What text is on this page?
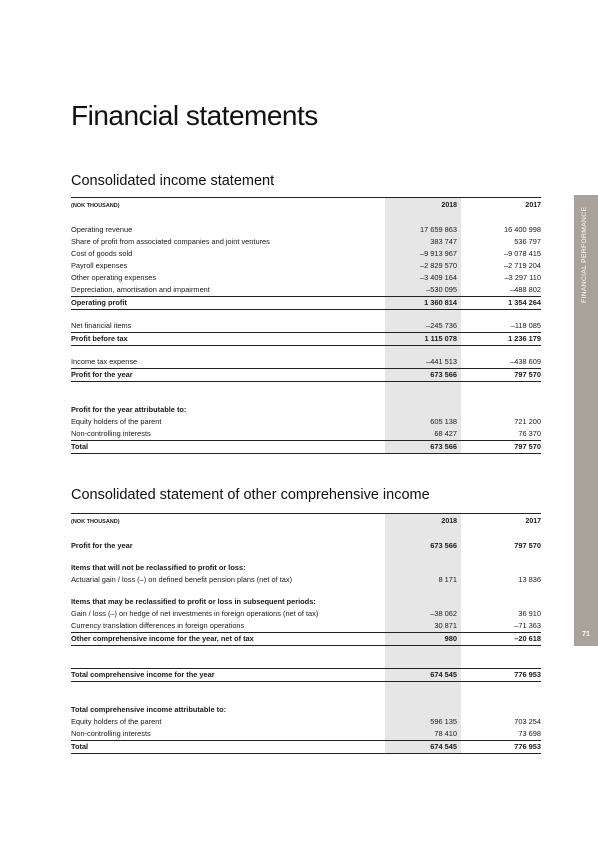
Financial statements
Consolidated income statement
(NOK THOUSAND)	2018		2017

Operating revenue	17 659 863		16 400 998
Share of profit from associated companies and joint ventures	383 747		536 797
Cost of goods sold	–9 913 967		–9 078 415
Payroll expenses	–2 829 570		–2 719 204
Other operating expenses	–3 409 164		–3 297 110
Depreciation, amortisation and impairment	–530 095		–488 802
Operating profit	1 360 814		1 354 264

Net financial items	–245 736		–118 085
Profit before tax	1 115 078		1 236 179

Income tax expense	–441 513		–438 609
Profit for the year	673 566		797 570

Profit for the year attributable to:			
Equity holders of the parent	605 138		721 200
Non-controlling interests	68 427		76 370
Total	673 566		797 570
Consolidated statement of other comprehensive income
(NOK THOUSAND)	2018		2017

Profit for the year	673 566		797 570

Items that will not be reclassified to profit or loss:			
Actuarial gain / loss (–) on defined benefit pension plans (net of tax)	8 171		13 836

Items that may be reclassified to profit or loss in subsequent periods:			
Gain / loss (–) on hedge of net investments in foreign operations (net of tax)	–38 062		36 910
Currency translation differences in foreign operations	30 871		–71 363
Other comprehensive income for the year, net of tax	980		–20 618

Total comprehensive income for the year	674 545		776 953

Total comprehensive income attributable to:			
Equity holders of the parent	596 135		703 254
Non-controlling interests	78 410		73 698
Total	674 545		776 953
FINANCIAL PERFORMANCE
71
